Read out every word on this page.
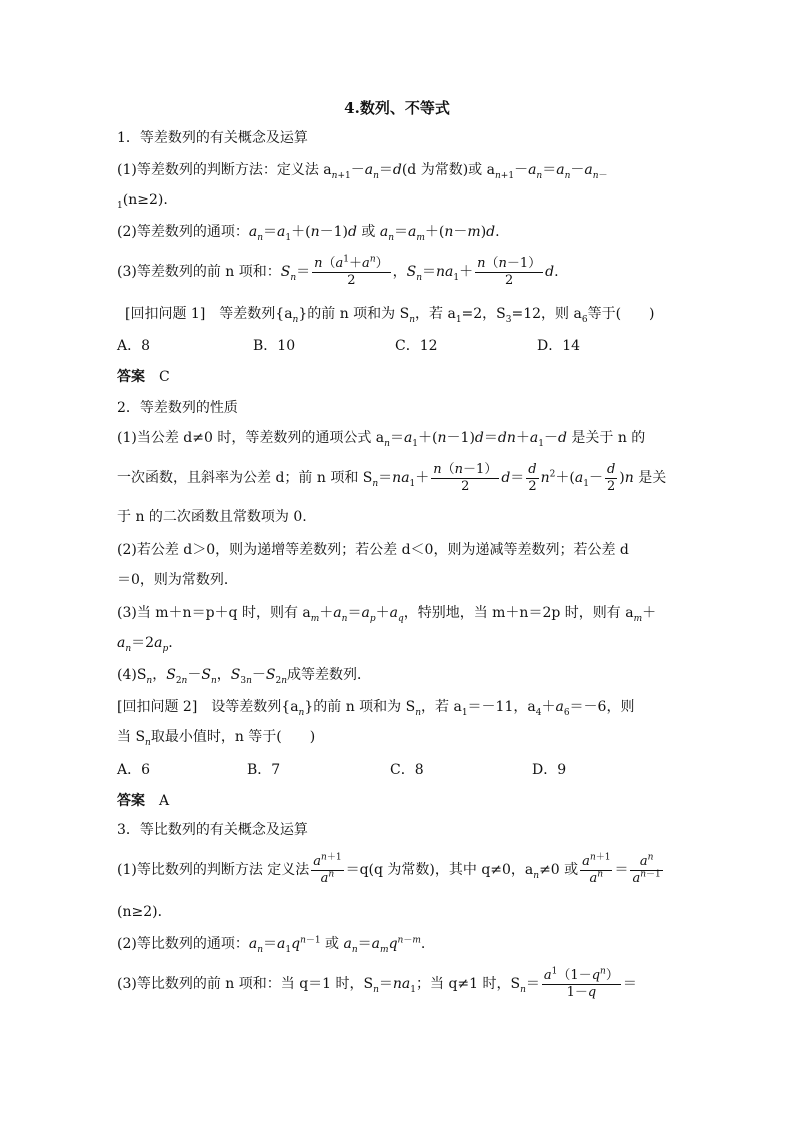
4.数列、不等式
1．等差数列的有关概念及运算
(1)等差数列的判断方法：定义法 $a_{n+1}-a_n=d(d$ 为常数)或 $a_{n+1}-a_n=a_n-a_{n-}$
$_1$(n≥2).
(2)等差数列的通项：$a_n=a_1+(n-1)d$ 或 $a_n=a_m+(n-m)d$.
(3)等差数列的前 n 项和：$S_n= \frac{n(a^1+a^n)}{2}$ ，$S_n=na_1+ \frac{n(n-1)}{2} d$.
[回扣问题 1]　 等差数列$\{a_n\}$的前 n 项和为 $S_n$，若 $a_1=2$，$S_3=12$，则 $a_6$等于(　　)
A．8	B．10	C．12	D．14
答案　 C
2．等差数列的性质
(1)当公差 d≠0 时，等差数列的通项公式 $a_n=a_1+(n-1)d=dn+a_1-d$ 是关于 n 的
一次函数，且斜率为公差 d；前 n 项和 $S_n=na_1+ \frac{n(n-1)}{2} d= \frac{d}{2} n^2+(a_1- \frac{d}{2} )n$ 是关
于 n 的二次函数且常数项为 0.
(2)若公差 d＞0，则为递增等差数列；若公差 d＜0，则为递减等差数列；若公差 d
＝0，则为常数列．
(3)当 m＋n＝p＋q 时，则有 $a_m+a_n=a_p+a_q$，特别地，当 m＋n＝2p 时，则有 $a_m+$
$a_n=2a_p$.
$(4)S_n$，$S_{2n}-S_n$，$S_{3n}-S_{2n}$成等差数列．
[回扣问题 2]　 设等差数列$\{a_n\}$的前 n 项和为 $S_n$，若 $a_1=-11$，$a_4+a_6=-6$，则
当 $S_n$取最小值时，n 等于(　　)
A．6	B．7	C．8	D．9
答案　 A
3．等比数列的有关概念及运算
(1)等比数列的判断方法 定义法 $\frac{a^{n+1}}{a^n} =q(q$ 为常数)，其中 q≠0，$a_n\ne 0$ 或 $\frac{a^{n+1}}{a^n} = \frac{a^n}{a^{n-1}}$
(n≥2)．
(2)等比数列的通项：$a_n=a_1q^{n-1}$ 或 $a_n=a_mq^{n-m}$.
(3)等比数列的前 n 项和：当 q＝1 时，$S_n=na_1$；当 q≠1 时，$S_n= \frac{a^1(1-q^n)}{1-q}$ ＝
